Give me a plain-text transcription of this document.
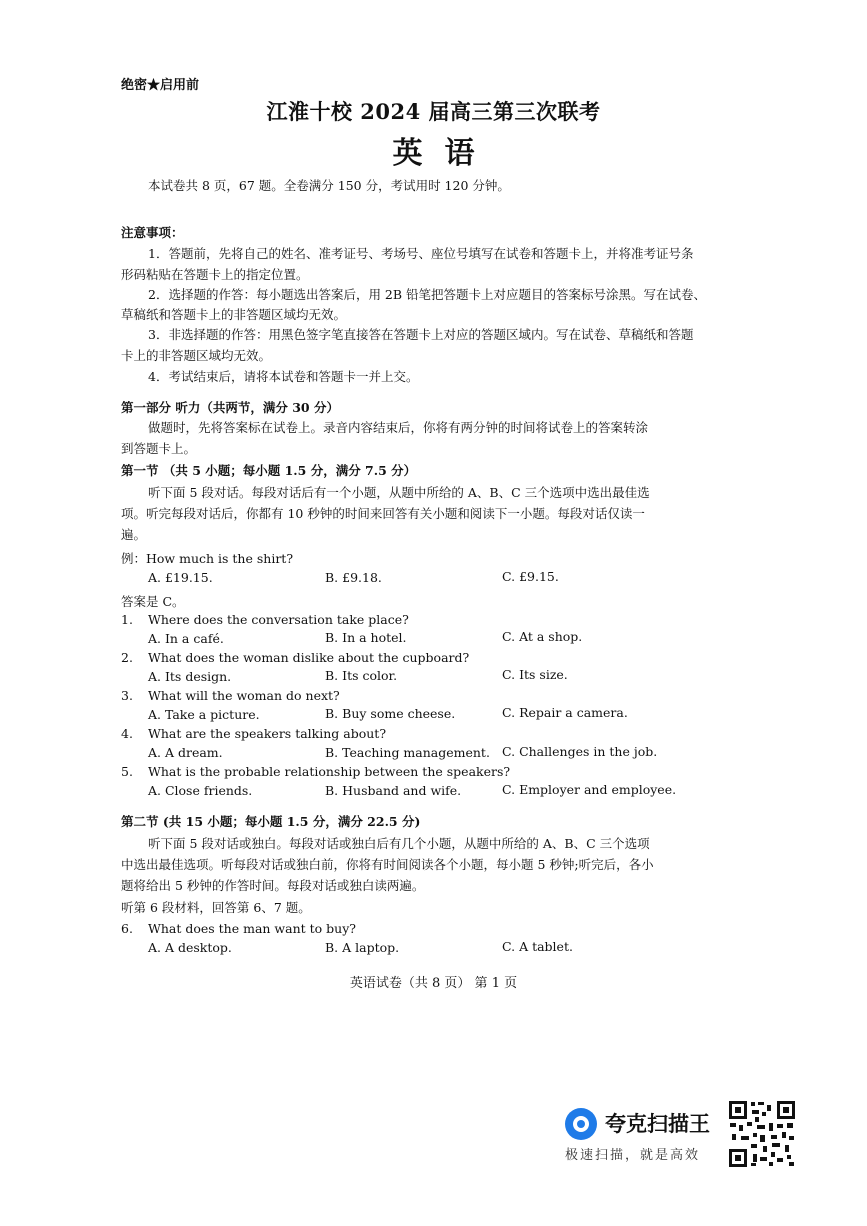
绝密★启用前
江淮十校 2024 届高三第三次联考
英语
本试卷共 8 页，67 题。全卷满分 150 分，考试用时 120 分钟。
注意事项：
1．答题前，先将自己的姓名、准考证号、考场号、座位号填写在试卷和答题卡上，并将准考证号条
形码粘贴在答题卡上的指定位置。
2．选择题的作答：每小题选出答案后，用 2B 铅笔把答题卡上对应题目的答案标号涂黑。写在试卷、
草稿纸和答题卡上的非答题区域均无效。
3．非选择题的作答：用黑色签字笔直接答在答题卡上对应的答题区域内。写在试卷、草稿纸和答题
卡上的非答题区域均无效。
4．考试结束后，请将本试卷和答题卡一并上交。
第一部分 听力（共两节，满分 30 分）
做题时，先将答案标在试卷上。录音内容结束后，你将有两分钟的时间将试卷上的答案转涂
到答题卡上。
第一节 （共 5 小题；每小题 1.5 分，满分 7.5 分）
听下面 5 段对话。每段对话后有一个小题，从题中所给的 A、B、C 三个选项中选出最佳选
项。听完每段对话后，你都有 10 秒钟的时间来回答有关小题和阅读下一小题。每段对话仅读一
遍。
例：How much is the shirt?
A. £19.15.	B. £9.18.	C. £9.15.
答案是 C。
1. Where does the conversation take place?
A. In a café.	B. In a hotel.	C. At a shop.
2. What does the woman dislike about the cupboard?
A. Its design.	B. Its color.	C. Its size.
3. What will the woman do next?
A. Take a picture.	B. Buy some cheese.	C. Repair a camera.
4. What are the speakers talking about?
A. A dream.	B. Teaching management. C. Challenges in the job.
5. What is the probable relationship between the speakers?
A. Close friends.	B. Husband and wife.	C. Employer and employee.
第二节 (共 15 小题；每小题 1.5 分，满分 22.5 分)
听下面 5 段对话或独白。每段对话或独白后有几个小题，从题中所给的 A、B、C 三个选项
中选出最佳选项。听每段对话或独白前，你将有时间阅读各个小题，每小题 5 秒钟;听完后，各小
题将给出 5 秒钟的作答时间。每段对话或独白读两遍。
听第 6 段材料，回答第 6、7 题。
6. What does the man want to buy?
A. A desktop.	B. A laptop.	C. A tablet.
英语试卷（共 8 页） 第 1 页
夸克扫描王
极速扫描，就是高效
